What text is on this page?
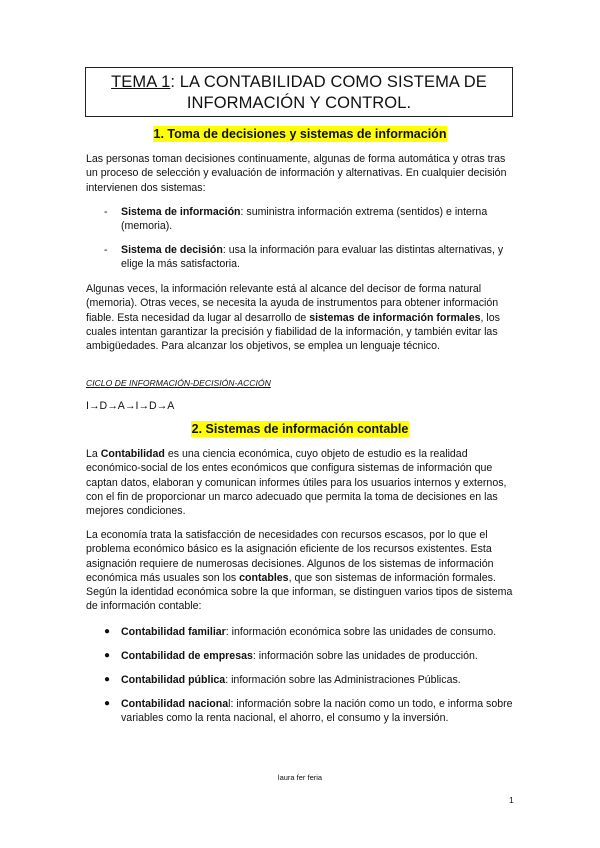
TEMA 1: LA CONTABILIDAD COMO SISTEMA DE INFORMACIÓN Y CONTROL.
1. Toma de decisiones y sistemas de información

Las personas toman decisiones continuamente, algunas de forma automática y otras tras un proceso de selección y evaluación de información y alternativas. En cualquier decisión intervienen dos sistemas:

- Sistema de información: suministra información extrema (sentidos) e interna (memoria).
- Sistema de decisión: usa la información para evaluar las distintas alternativas, y elige la más satisfactoria.

Algunas veces, la información relevante está al alcance del decisor de forma natural (memoria). Otras veces, se necesita la ayuda de instrumentos para obtener información fiable. Esta necesidad da lugar al desarrollo de sistemas de información formales, los cuales intentan garantizar la precisión y fiabilidad de la información, y también evitar las ambigüedades. Para alcanzar los objetivos, se emplea un lenguaje técnico.

CICLO DE INFORMACIÓN-DECISIÓN-ACCIÓN
I→D→A→I→D→A
2. Sistemas de información contable

La Contabilidad es una ciencia económica, cuyo objeto de estudio es la realidad económico-social de los entes económicos que configura sistemas de información que captan datos, elaboran y comunican informes útiles para los usuarios internos y externos, con el fin de proporcionar un marco adecuado que permita la toma de decisiones en las mejores condiciones.

La economía trata la satisfacción de necesidades con recursos escasos, por lo que el problema económico básico es la asignación eficiente de los recursos existentes. Esta asignación requiere de numerosas decisiones. Algunos de los sistemas de información económica más usuales son los contables, que son sistemas de información formales. Según la identidad económica sobre la que informan, se distinguen varios tipos de sistema de información contable:

● Contabilidad familiar: información económica sobre las unidades de consumo.
● Contabilidad de empresas: información sobre las unidades de producción.
● Contabilidad pública: información sobre las Administraciones Públicas.
● Contabilidad nacional: información sobre la nación como un todo, e informa sobre variables como la renta nacional, el ahorro, el consumo y la inversión.
laura fer feria
1
